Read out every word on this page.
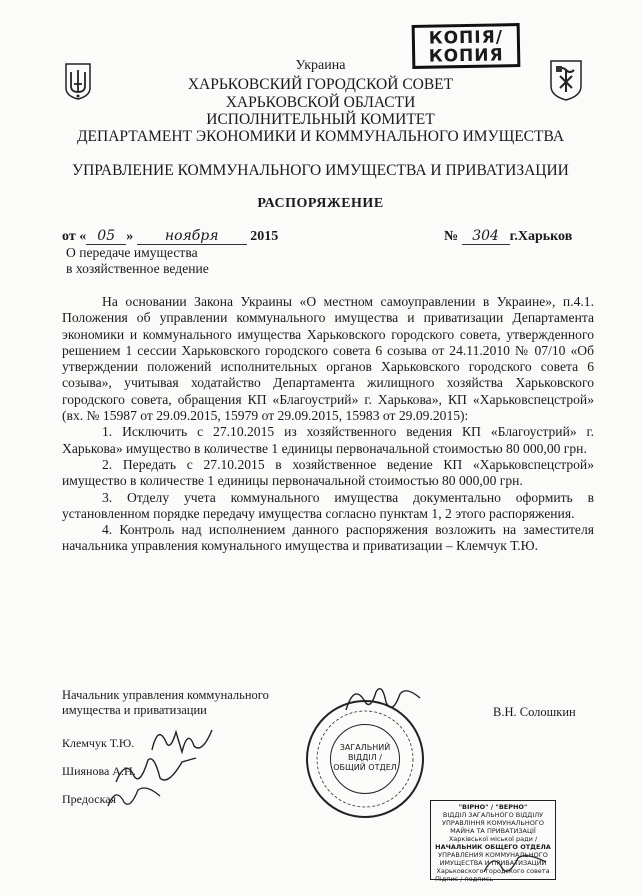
КОПІЯ/
КОПИЯ
Украина
ХАРЬКОВСКИЙ ГОРОДСКОЙ СОВЕТ
ХАРЬКОВСКОЙ ОБЛАСТИ
ИСПОЛНИТЕЛЬНЫЙ КОМИТЕТ
ДЕПАРТАМЕНТ ЭКОНОМИКИ И КОММУНАЛЬНОГО ИМУЩЕСТВА
УПРАВЛЕНИЕ КОММУНАЛЬНОГО ИМУЩЕСТВА И ПРИВАТИЗАЦИИ
РАСПОРЯЖЕНИЕ
от « 05 » ноября 2015	№ 304 г.Харьков
О передаче имущества
в хозяйственное ведение

На основании Закона Украины «О местном самоуправлении в Украине», п.4.1. Положения об управлении коммунального имущества и приватизации Департамента экономики и коммунального имущества Харьковского городского совета, утвержденного решением 1 сессии Харьковского городского совета 6 созыва от 24.11.2010 № 07/10 «Об утверждении положений исполнительных органов Харьковского городского совета 6 созыва», учитывая ходатайство Департамента жилищного хозяйства Харьковского городского совета, обращения КП «Благоустрий» г. Харькова», КП «Харьковспецстрой» (вх. № 15987 от 29.09.2015, 15979 от 29.09.2015, 15983 от 29.09.2015):

1. Исключить с 27.10.2015 из хозяйственного ведения КП «Благоустрий» г. Харькова» имущество в количестве 1 единицы первоначальной стоимостью 80 000,00 грн.

2. Передать с 27.10.2015 в хозяйственное ведение КП «Харьковспецстрой» имущество в количестве 1 единицы первоначальной стоимостью 80 000,00 грн.

3. Отделу учета коммунального имущества документально оформить в установленном порядке передачу имущества согласно пунктам 1, 2 этого распоряжения.

4. Контроль над исполнением данного распоряжения возложить на заместителя начальника управления комунального имущества и приватизации – Клемчук Т.Ю.

Начальник управления коммунального
имущества и приватизации	В.Н. Солошкин
Клемчук Т.Ю.
Шиянова А.Н.
Предоская
ЗАГАЛЬНИЙ ВІДДІЛ / ОБЩИЙ ОТДЕЛ
"ВІРНО" / "ВЕРНО"
ВІДДІЛ ЗАГАЛЬНОГО ВІДДІЛУ
УПРАВЛІННЯ КОМУНАЛЬНОГО МАЙНА ТА ПРИВАТИЗАЦІЇ
Харківської міської ради /
НАЧАЛЬНИК ОБЩЕГО ОТДЕЛА
УПРАВЛЕНИЯ КОММУНАЛЬНОГО ИМУЩЕСТВА И ПРИВАТИЗАЦИИ
Харьковского городского совета
Підпис / подпись
